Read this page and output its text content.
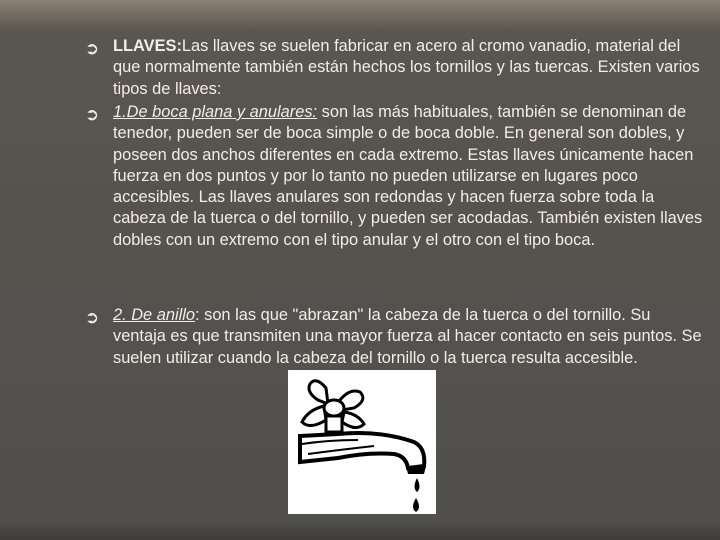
➲ LLAVES:Las llaves se suelen fabricar en acero al cromo vanadio, material del que normalmente también están hechos los tornillos y las tuercas. Existen varios tipos de llaves:
➲ 1.De boca plana y anulares: son las más habituales, también se denominan de tenedor, pueden ser de boca simple o de boca doble. En general son dobles, y poseen dos anchos diferentes en cada extremo. Estas llaves únicamente hacen fuerza en dos puntos y por lo tanto no pueden utilizarse en lugares poco accesibles. Las llaves anulares son redondas y hacen fuerza sobre toda la cabeza de la tuerca o del tornillo, y pueden ser acodadas. También existen llaves dobles con un extremo con el tipo anular y el otro con el tipo boca.
➲ 2. De anillo: son las que "abrazan" la cabeza de la tuerca o del tornillo. Su ventaja es que transmiten una mayor fuerza al hacer contacto en seis puntos. Se suelen utilizar cuando la cabeza del tornillo o la tuerca resulta accesible.
